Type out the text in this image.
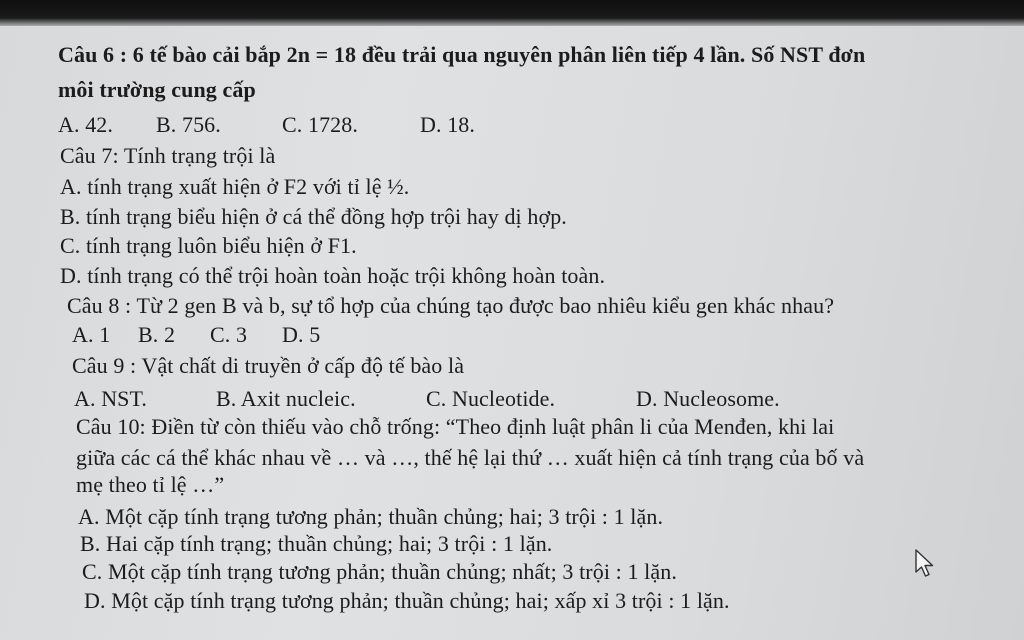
Câu 6 : 6 tế bào cải bắp 2n = 18 đều trải qua nguyên phân liên tiếp 4 lần. Số NST đơn
môi trường cung cấp
A. 42. B. 756.	C. 1728.	D. 18.
Câu 7: Tính trạng trội là
A. tính trạng xuất hiện ở F2 với tỉ lệ ½.
B. tính trạng biểu hiện ở cá thể đồng hợp trội hay dị hợp.
C. tính trạng luôn biểu hiện ở F1.
D. tính trạng có thể trội hoàn toàn hoặc trội không hoàn toàn.
Câu 8 : Từ 2 gen B và b, sự tổ hợp của chúng tạo được bao nhiêu kiểu gen khác nhau?
A. 1 B. 2 C. 3 D. 5
Câu 9 : Vật chất di truyền ở cấp độ tế bào là
A. NST.	B. Axit nucleic.	C. Nucleotide.	D. Nucleosome.
Câu 10: Điền từ còn thiếu vào chỗ trống: “Theo định luật phân li của Menđen, khi lai
giữa các cá thể khác nhau về … và …, thế hệ lại thứ … xuất hiện cả tính trạng của bố và
mẹ theo tỉ lệ …”
A. Một cặp tính trạng tương phản; thuần chủng; hai; 3 trội : 1 lặn.
B. Hai cặp tính trạng; thuần chủng; hai; 3 trội : 1 lặn.
C. Một cặp tính trạng tương phản; thuần chủng; nhất; 3 trội : 1 lặn.
D. Một cặp tính trạng tương phản; thuần chủng; hai; xấp xỉ 3 trội : 1 lặn.
